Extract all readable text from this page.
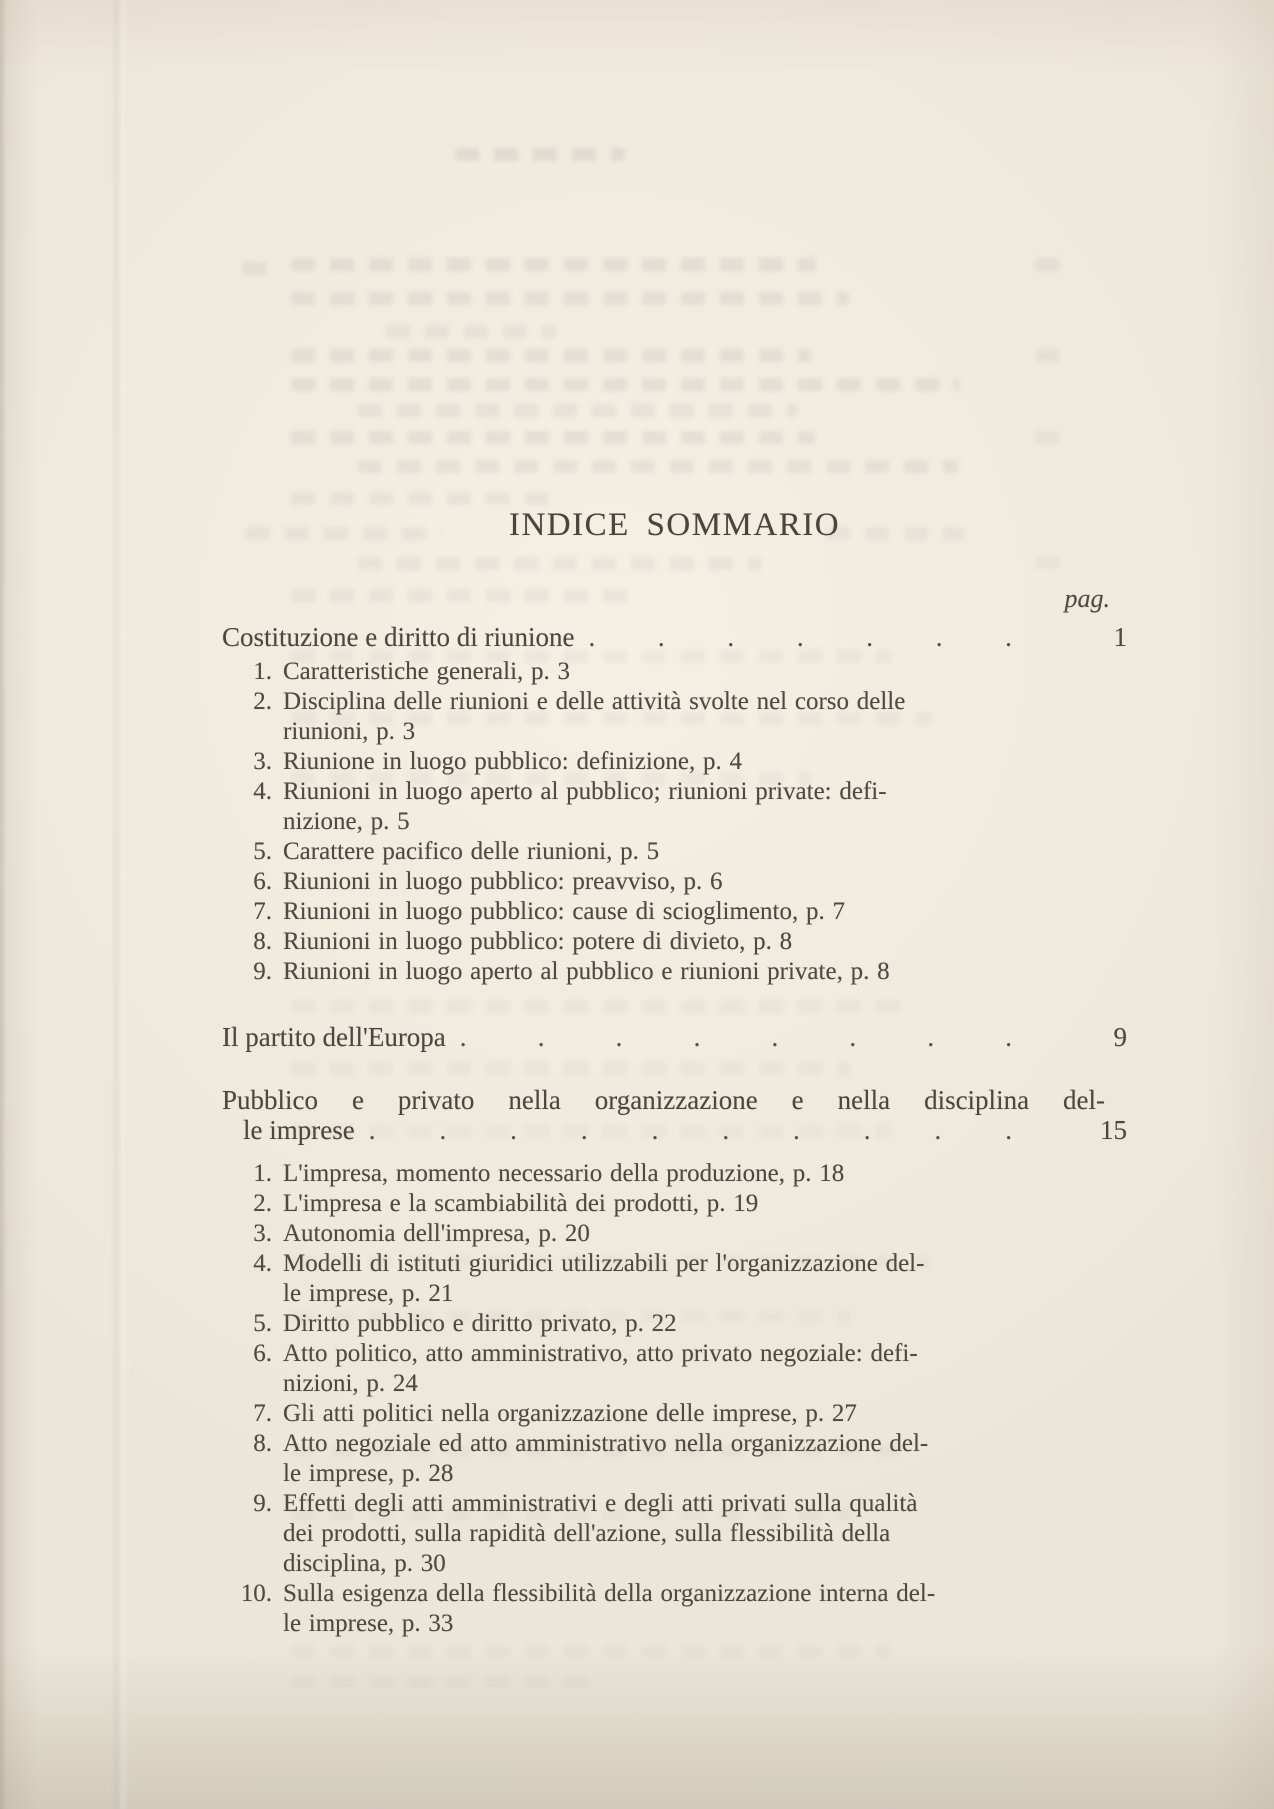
INDICE SOMMARIO
pag.
Costituzione e diritto di riunione . . . . . . .	1
1. Caratteristiche generali, p. 3
2. Disciplina delle riunioni e delle attività svolte nel corso delle
riunioni, p. 3
3. Riunione in luogo pubblico: definizione, p. 4
4. Riunioni in luogo aperto al pubblico; riunioni private: defi-
nizione, p. 5
5. Carattere pacifico delle riunioni, p. 5
6. Riunioni in luogo pubblico: preavviso, p. 6
7. Riunioni in luogo pubblico: cause di scioglimento, p. 7
8. Riunioni in luogo pubblico: potere di divieto, p. 8
9. Riunioni in luogo aperto al pubblico e riunioni private, p. 8
Il partito dell'Europa .	.	.	.	.	.	.	.	9
Pubblico e privato nella organizzazione e nella disciplina del-
le imprese . . . . . . . . . .	15
1. L'impresa, momento necessario della produzione, p. 18
2. L'impresa e la scambiabilità dei prodotti, p. 19
3. Autonomia dell'impresa, p. 20
4. Modelli di istituti giuridici utilizzabili per l'organizzazione del-
le imprese, p. 21
5. Diritto pubblico e diritto privato, p. 22
6. Atto politico, atto amministrativo, atto privato negoziale: defi-
nizioni, p. 24
7. Gli atti politici nella organizzazione delle imprese, p. 27
8. Atto negoziale ed atto amministrativo nella organizzazione del-
le imprese, p. 28
9. Effetti degli atti amministrativi e degli atti privati sulla qualità
dei prodotti, sulla rapidità dell'azione, sulla flessibilità della
disciplina, p. 30
10. Sulla esigenza della flessibilità della organizzazione interna del-
le imprese, p. 33
